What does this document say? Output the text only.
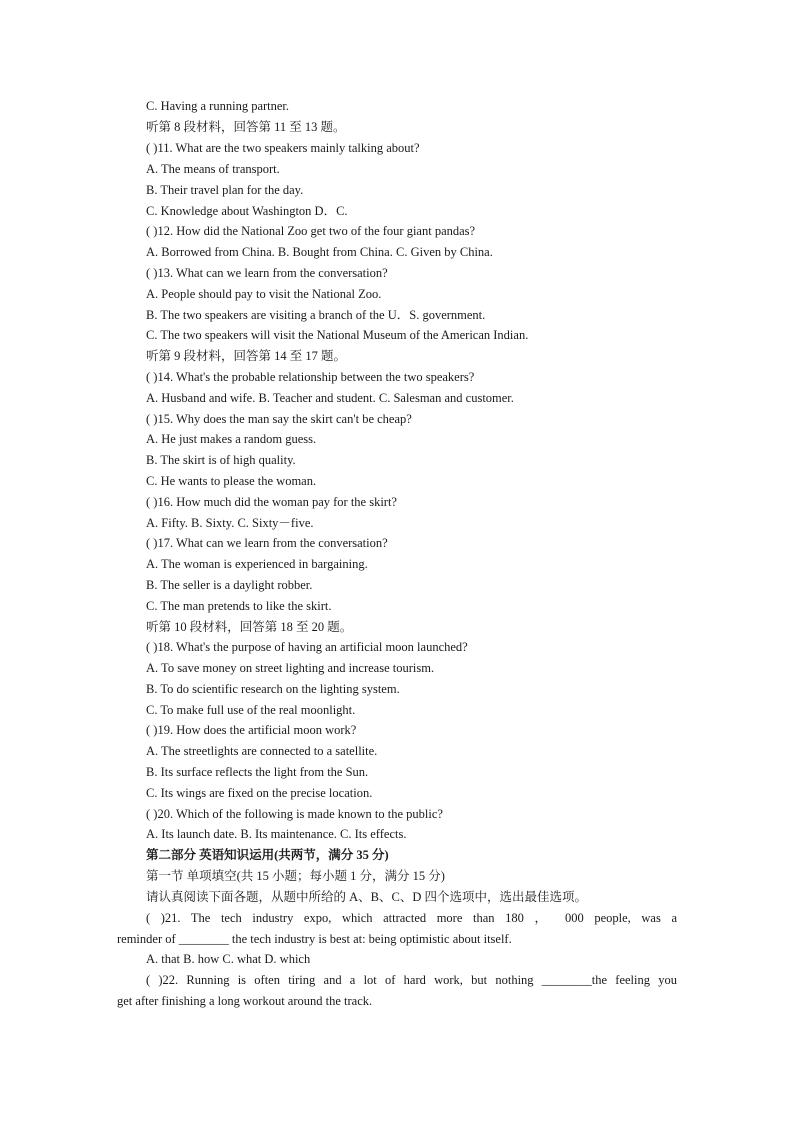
C. Having a running partner.
听第 8 段材料，回答第 11 至 13 题。
( )11. What are the two speakers mainly talking about?
A. The means of transport.
B. Their travel plan for the day.
C. Knowledge about Washington D．C.
( )12. How did the National Zoo get two of the four giant pandas?
A. Borrowed from China. B. Bought from China. C. Given by China.
( )13. What can we learn from the conversation?
A. People should pay to visit the National Zoo.
B. The two speakers are visiting a branch of the U．S. government.
C. The two speakers will visit the National Museum of the American Indian.
听第 9 段材料，回答第 14 至 17 题。
( )14. What's the probable relationship between the two speakers?
A. Husband and wife. B. Teacher and student. C. Salesman and customer.
( )15. Why does the man say the skirt can't be cheap?
A. He just makes a random guess.
B. The skirt is of high quality.
C. He wants to please the woman.
( )16. How much did the woman pay for the skirt?
A. Fifty. B. Sixty. C. Sixty－five.
( )17. What can we learn from the conversation?
A. The woman is experienced in bargaining.
B. The seller is a daylight robber.
C. The man pretends to like the skirt.
听第 10 段材料，回答第 18 至 20 题。
( )18. What's the purpose of having an artificial moon launched?
A. To save money on street lighting and increase tourism.
B. To do scientific research on the lighting system.
C. To make full use of the real moonlight.
( )19. How does the artificial moon work?
A. The streetlights are connected to a satellite.
B. Its surface reflects the light from the Sun.
C. Its wings are fixed on the precise location.
( )20. Which of the following is made known to the public?
A. Its launch date. B. Its maintenance. C. Its effects.
第二部分 英语知识运用(共两节，满分 35 分)
第一节 单项填空(共 15 小题；每小题 1 分，满分 15 分)
请认真阅读下面各题，从题中所给的 A、B、C、D 四个选项中，选出最佳选项。
( )21. The tech industry expo, which attracted more than 180 ， 000 people, was a
reminder of ________ the tech industry is best at: being optimistic about itself.
A. that B. how C. what D. which
( )22. Running is often tiring and a lot of hard work, but nothing ________the feeling you
get after finishing a long workout around the track.
